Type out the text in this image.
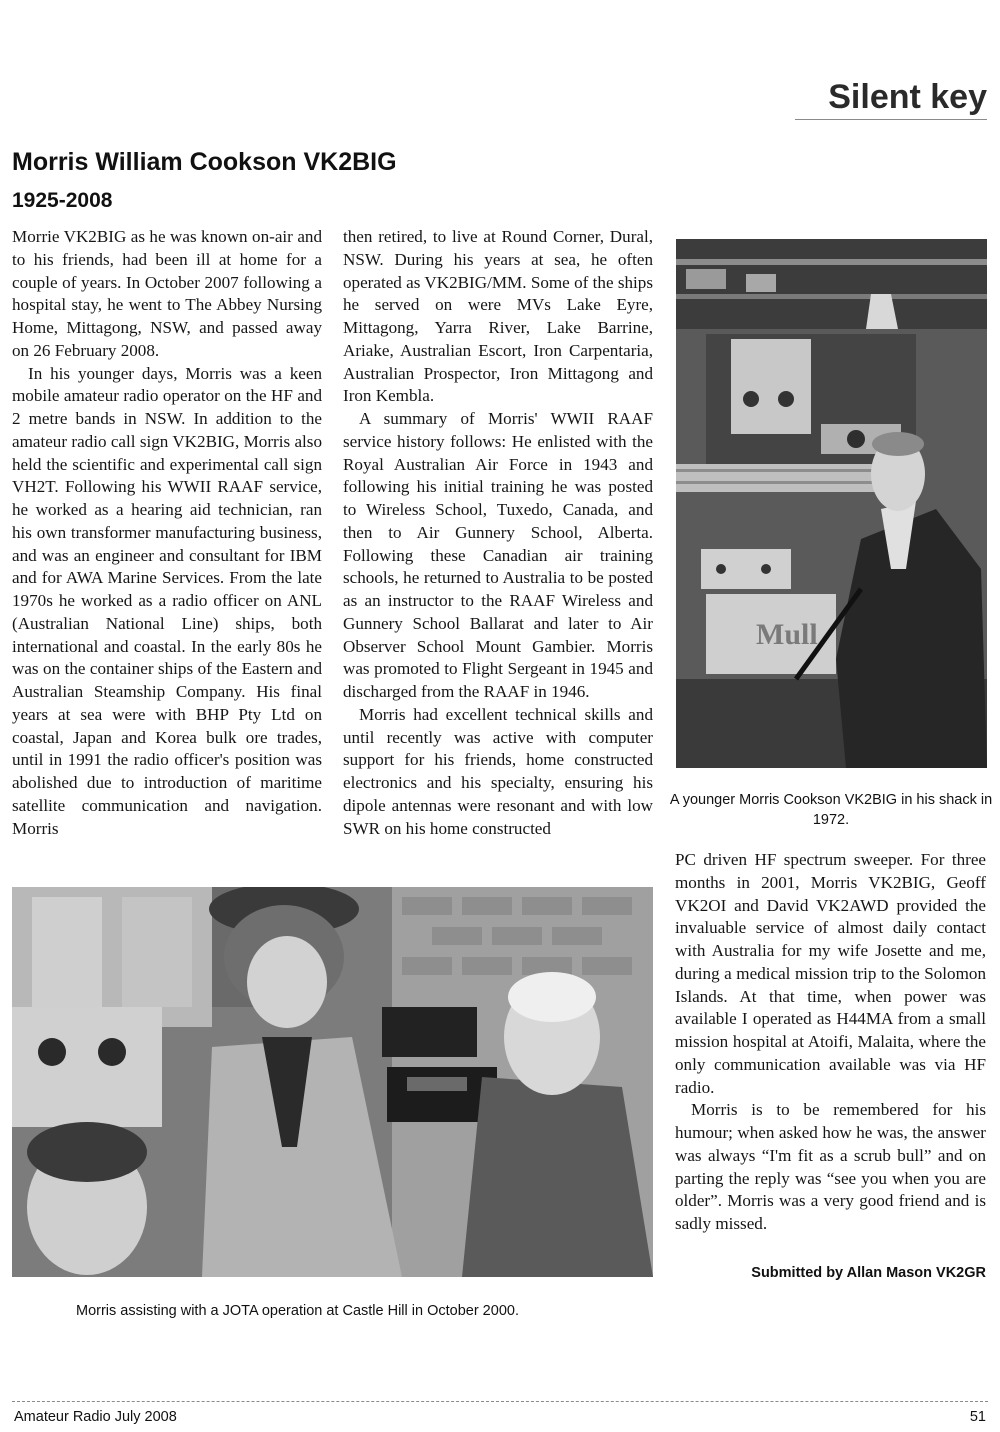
Silent key
Morris William Cookson VK2BIG
1925-2008

Morrie VK2BIG as he was known on-air and to his friends, had been ill at home for a couple of years. In October 2007 following a hospital stay, he went to The Abbey Nursing Home, Mittagong, NSW, and passed away on 26 February 2008.

In his younger days, Morris was a keen mobile amateur radio operator on the HF and 2 metre bands in NSW. In addition to the amateur radio call sign VK2BIG, Morris also held the scientific and experimental call sign VH2T. Following his WWII RAAF service, he worked as a hearing aid technician, ran his own transformer manufacturing business, and was an engineer and consultant for IBM and for AWA Marine Services. From the late 1970s he worked as a radio officer on ANL (Australian National Line) ships, both international and coastal. In the early 80s he was on the container ships of the Eastern and Australian Steamship Company. His final years at sea were with BHP Pty Ltd on coastal, Japan and Korea bulk ore trades, until in 1991 the radio officer's position was abolished due to introduction of maritime satellite communication and navigation. Morris

then retired, to live at Round Corner, Dural, NSW. During his years at sea, he often operated as VK2BIG/MM. Some of the ships he served on were MVs Lake Eyre, Mittagong, Yarra River, Lake Barrine, Ariake, Australian Escort, Iron Carpentaria, Australian Prospector, Iron Mittagong and Iron Kembla.

A summary of Morris' WWII RAAF service history follows: He enlisted with the Royal Australian Air Force in 1943 and following his initial training he was posted to Wireless School, Tuxedo, Canada, and then to Air Gunnery School, Alberta. Following these Canadian air training schools, he returned to Australia to be posted as an instructor to the RAAF Wireless and Gunnery School Ballarat and later to Air Observer School Mount Gambier. Morris was promoted to Flight Sergeant in 1945 and discharged from the RAAF in 1946.

Morris had excellent technical skills and until recently was active with computer support for his friends, home constructed electronics and his specialty, ensuring his dipole antennas were resonant and with low SWR on his home constructed

Mull
A younger Morris Cookson VK2BIG in his shack in 1972.

PC driven HF spectrum sweeper. For three months in 2001, Morris VK2BIG, Geoff VK2OI and David VK2AWD provided the invaluable service of almost daily contact with Australia for my wife Josette and me, during a medical mission trip to the Solomon Islands. At that time, when power was available I operated as H44MA from a small mission hospital at Atoifi, Malaita, where the only communication available was via HF radio.

Morris is to be remembered for his humour; when asked how he was, the answer was always “I'm fit as a scrub bull” and on parting the reply was “see you when you are older”. Morris was a very good friend and is sadly missed.

Submitted by Allan Mason VK2GR
Morris assisting with a JOTA operation at Castle Hill in October 2000.
Amateur Radio July 2008	51
